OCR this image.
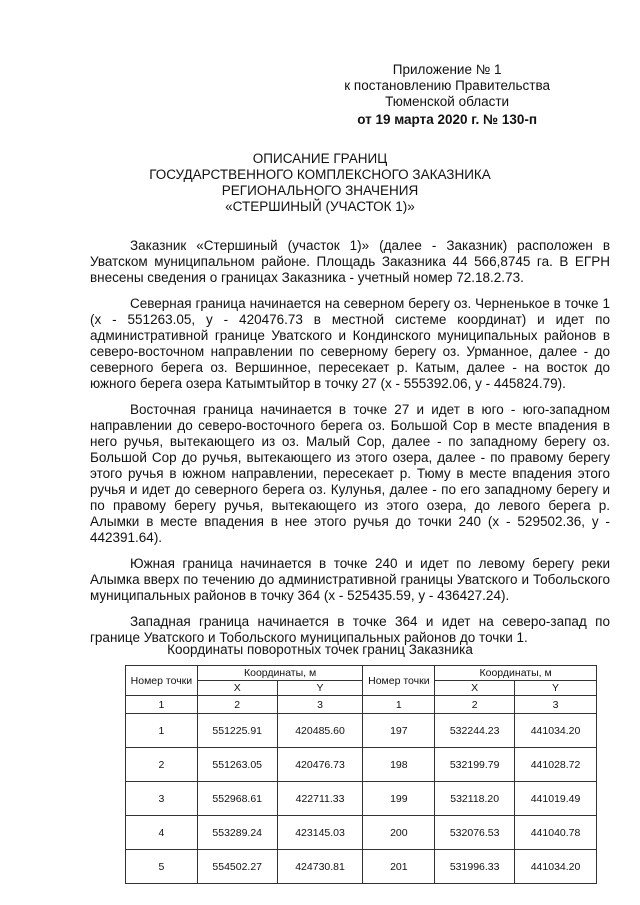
Приложение № 1
к постановлению Правительства
Тюменской области
от 19 марта 2020 г. № 130-п
ОПИСАНИЕ ГРАНИЦ
ГОСУДАРСТВЕННОГО КОМПЛЕКСНОГО ЗАКАЗНИКА
РЕГИОНАЛЬНОГО ЗНАЧЕНИЯ
«СТЕРШИНЫЙ (УЧАСТОК 1)»

Заказник «Стершиный (участок 1)» (далее - Заказник) расположен в Уватском муниципальном районе. Площадь Заказника 44 566,8745 га. В ЕГРН внесены сведения о границах Заказника - учетный номер 72.18.2.73.

Северная граница начинается на северном берегу оз. Черненькое в точке 1 (x - 551263.05, y - 420476.73 в местной системе координат) и идет по административной границе Уватского и Кондинского муниципальных районов в северо-восточном направлении по северному берегу оз. Урманное, далее - до северного берега оз. Вершинное, пересекает р. Катым, далее - на восток до южного берега озера Катымтыйтор в точку 27 (x - 555392.06, y - 445824.79).

Восточная граница начинается в точке 27 и идет в юго - юго-западном направлении до северо-восточного берега оз. Большой Сор в месте впадения в него ручья, вытекающего из оз. Малый Сор, далее - по западному берегу оз. Большой Сор до ручья, вытекающего из этого озера, далее - по правому берегу этого ручья в южном направлении, пересекает р. Тюму в месте впадения этого ручья и идет до северного берега оз. Кулунья, далее - по его западному берегу и по правому берегу ручья, вытекающего из этого озера, до левого берега р. Алымки в месте впадения в нее этого ручья до точки 240 (x - 529502.36, y - 442391.64).

Южная граница начинается в точке 240 и идет по левому берегу реки Алымка вверх по течению до административной границы Уватского и Тобольского муниципальных районов в точку 364 (x - 525435.59, y - 436427.24).

Западная граница начинается в точке 364 и идет на северо-запад по границе Уватского и Тобольского муниципальных районов до точки 1.

Координаты поворотных точек границ Заказника
Номер точки	Координаты, м		Номер точки	Координаты, м	
	X	Y		X	Y
1	2	3	1	2	3
1	551225.91	420485.60	197	532244.23	441034.20
2	551263.05	420476.73	198	532199.79	441028.72
3	552968.61	422711.33	199	532118.20	441019.49
4	553289.24	423145.03	200	532076.53	441040.78
5	554502.27	424730.81	201	531996.33	441034.20
